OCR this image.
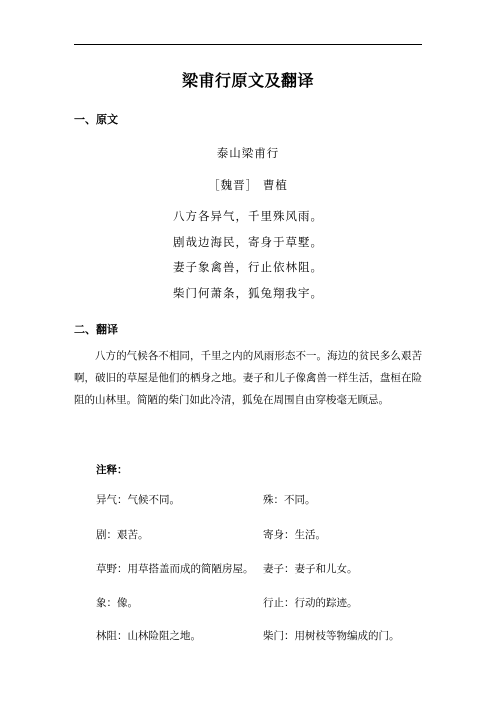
梁甫行原文及翻译
一、原文
泰山梁甫行
［魏晋］ 曹植
八方各异气，千里殊风雨。
剧哉边海民，寄身于草墅。
妻子象禽兽，行止依林阻。
柴门何萧条，狐兔翔我宇。
二、翻译
八方的气候各不相同，千里之内的风雨形态不一。海边的贫民多么艰苦啊，破旧的草屋是他们的栖身之地。妻子和儿子像禽兽一样生活，盘桓在险阻的山林里。简陋的柴门如此冷清，狐兔在周围自由穿梭毫无顾忌。
注释：
异气：气候不同。	殊：不同。
剧：艰苦。	寄身：生活。
草野：用草搭盖而成的简陋房屋。 妻子：妻子和儿女。
象：像。	行止：行动的踪迹。
林阻：山林险阻之地。	柴门：用树枝等物编成的门。
